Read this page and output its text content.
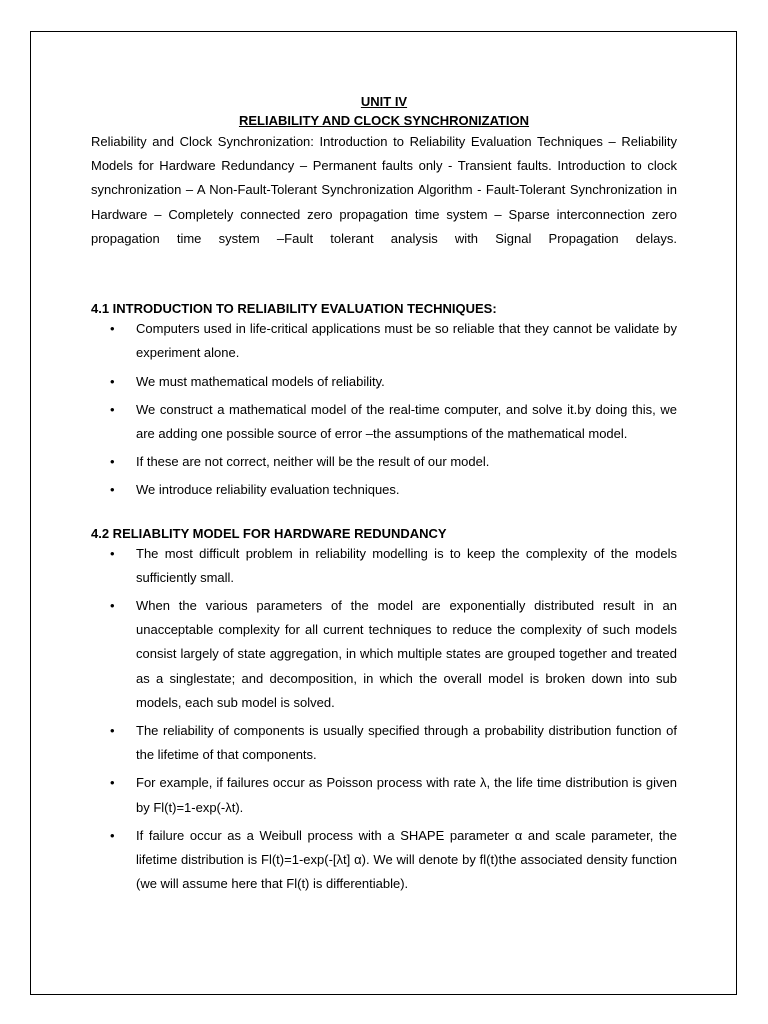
UNIT IV
RELIABILITY AND CLOCK SYNCHRONIZATION

Reliability and Clock Synchronization: Introduction to Reliability Evaluation Techniques – Reliability Models for Hardware Redundancy – Permanent faults only - Transient faults. Introduction to clock synchronization – A Non-Fault-Tolerant Synchronization Algorithm - Fault-Tolerant Synchronization in Hardware – Completely connected zero propagation time system – Sparse interconnection zero propagation time system –Fault tolerant analysis with Signal Propagation delays.

4.1 INTRODUCTION TO RELIABILITY EVALUATION TECHNIQUES:
• Computers used in life-critical applications must be so reliable that they cannot be validate by experiment alone.
• We must mathematical models of reliability.
• We construct a mathematical model of the real-time computer, and solve it.by doing this, we are adding one possible source of error –the assumptions of the mathematical model.
• If these are not correct, neither will be the result of our model.
• We introduce reliability evaluation techniques.
4.2 RELIABLITY MODEL FOR HARDWARE REDUNDANCY
• The most difficult problem in reliability modelling is to keep the complexity of the models sufficiently small.
• When the various parameters of the model are exponentially distributed result in an unacceptable complexity for all current techniques to reduce the complexity of such models consist largely of state aggregation, in which multiple states are grouped together and treated as a singlestate; and decomposition, in which the overall model is broken down into sub models, each sub model is solved.
• The reliability of components is usually specified through a probability distribution function of the lifetime of that components.
• For example, if failures occur as Poisson process with rate λ, the life time distribution is given by Fl(t)=1-exp(-λt).
• If failure occur as a Weibull process with a SHAPE parameter α and scale parameter, the lifetime distribution is Fl(t)=1-exp(-[λt] α). We will denote by fl(t)the associated density function (we will assume here that Fl(t) is differentiable).
